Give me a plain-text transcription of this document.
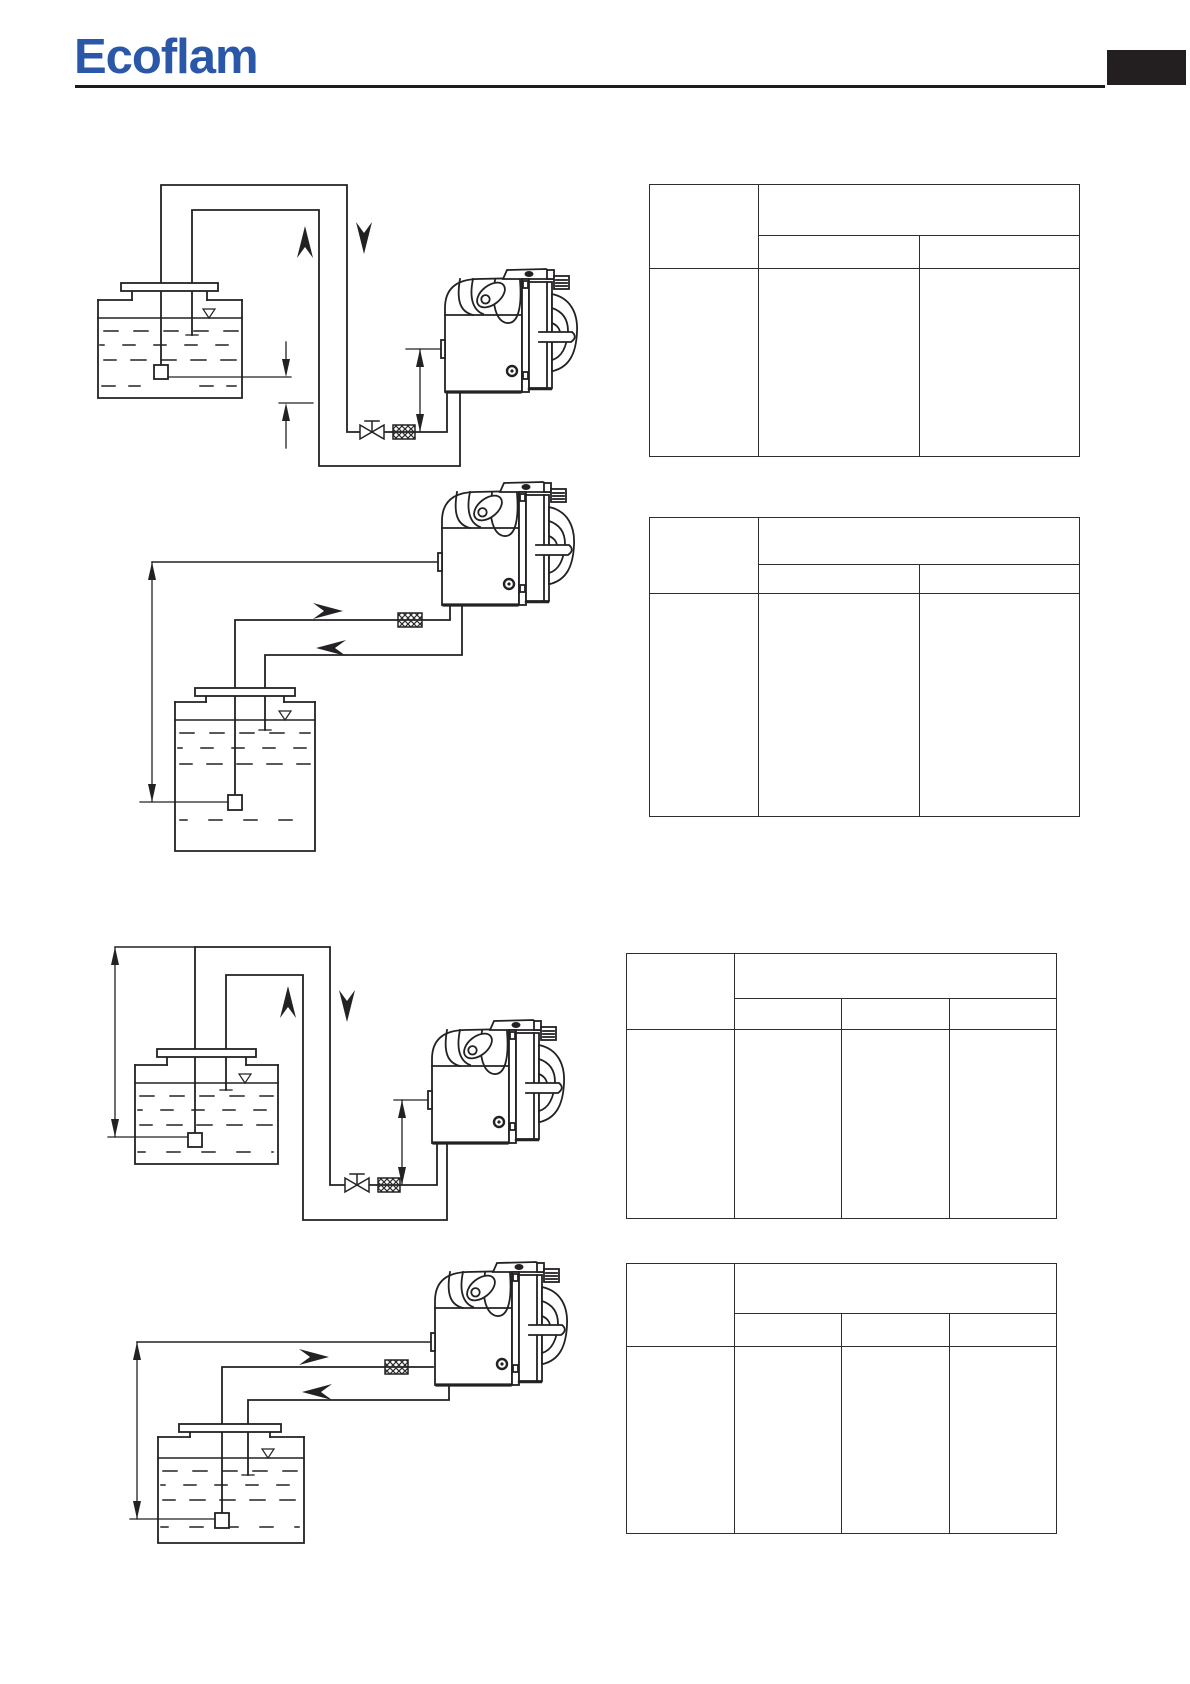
Ecoflam
